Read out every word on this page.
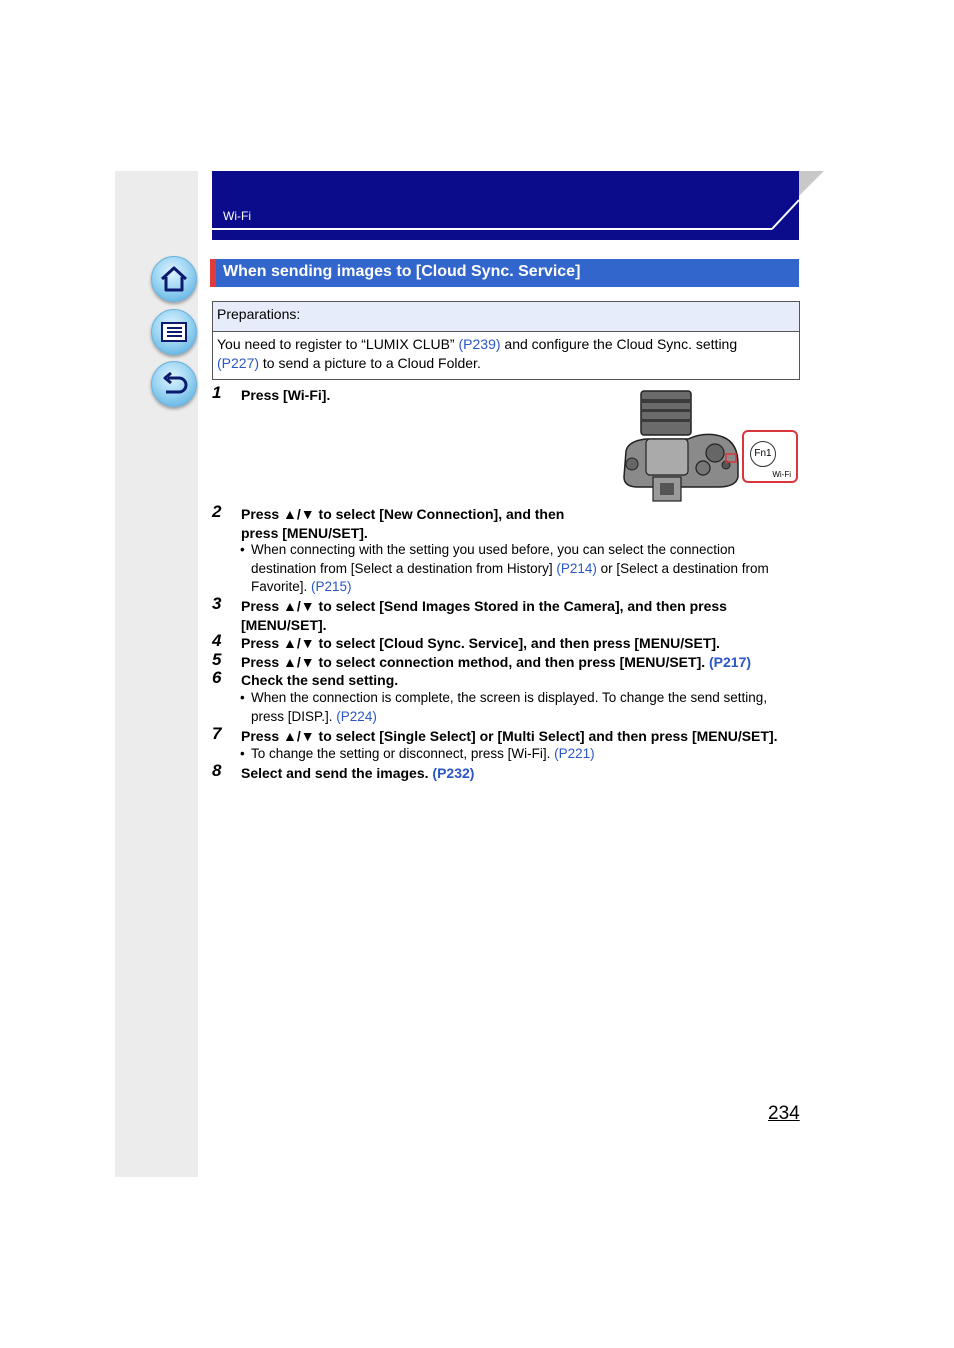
Wi-Fi
When sending images to [Cloud Sync. Service]
Preparations:
You need to register to “LUMIX CLUB” (P239) and configure the Cloud Sync. setting
(P227) to send a picture to a Cloud Folder.
1 Press [Wi-Fi].
Fn1
Wi-Fi
2 Press ▲/▼ to select [New Connection], and then
press [MENU/SET].
• When connecting with the setting you used before, you can select the connection
destination from [Select a destination from History] (P214) or [Select a destination from
Favorite]. (P215)
3 Press ▲/▼ to select [Send Images Stored in the Camera], and then press
[MENU/SET].
4 Press ▲/▼ to select [Cloud Sync. Service], and then press [MENU/SET].
5 Press ▲/▼ to select connection method, and then press [MENU/SET]. (P217)
6 Check the send setting.
• When the connection is complete, the screen is displayed. To change the send setting,
press [DISP.]. (P224)
7 Press ▲/▼ to select [Single Select] or [Multi Select] and then press [MENU/SET].
• To change the setting or disconnect, press [Wi-Fi]. (P221)
8 Select and send the images. (P232)
234
